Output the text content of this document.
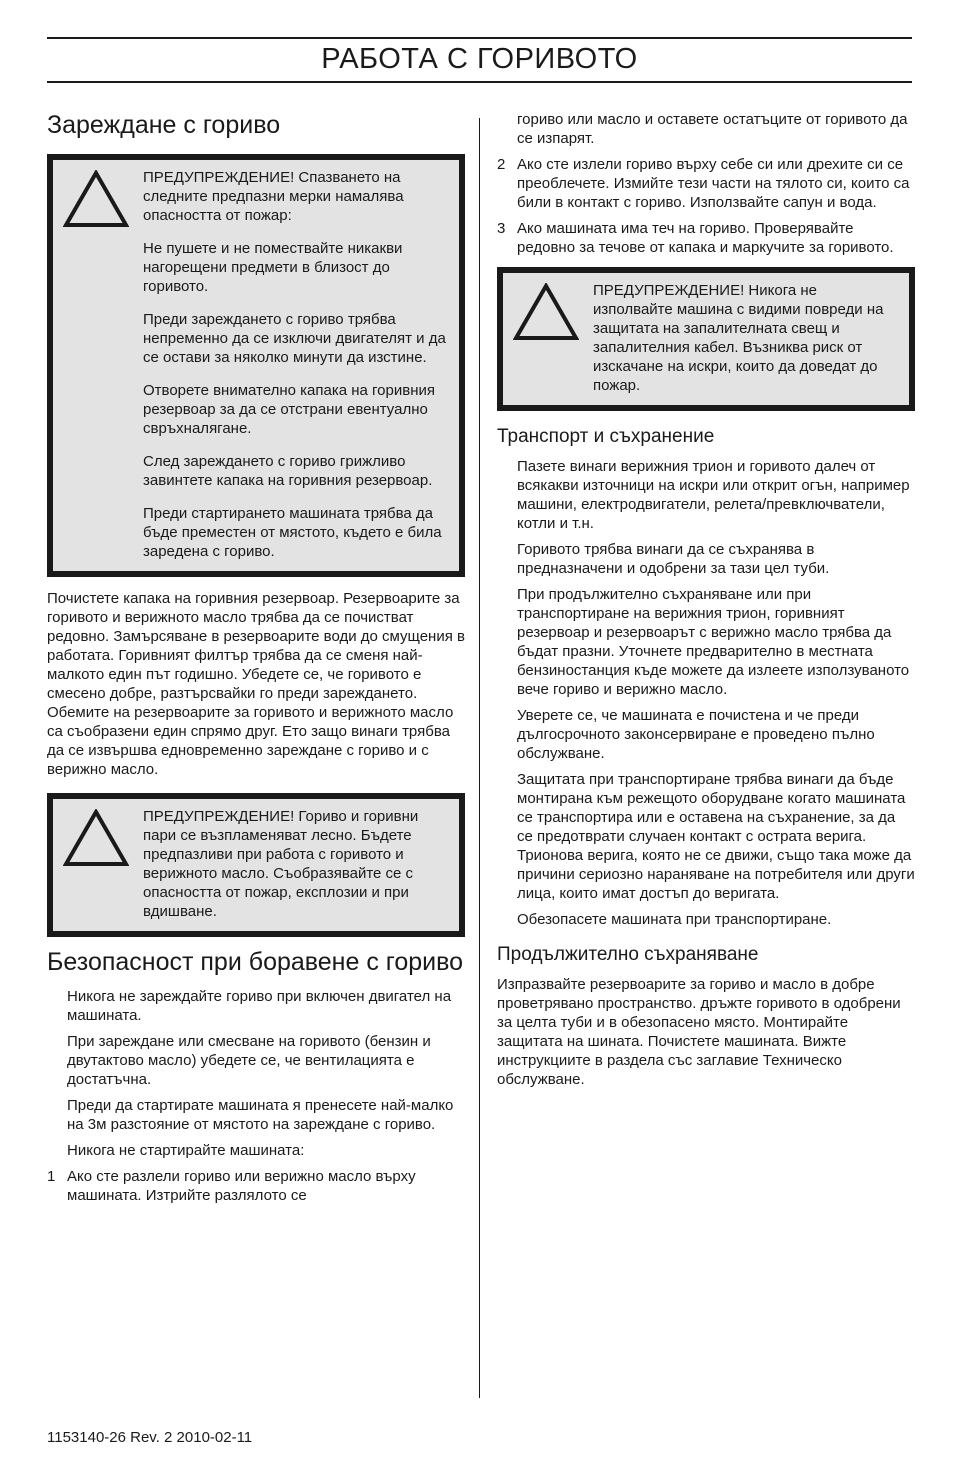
РАБОТА С ГОРИВОТО
Зареждане с гориво

ПРЕДУПРЕЖДЕНИЕ! Спазването на следните предпазни мерки намалява опасността от пожар:

Не пушете и не помествайте никакви нагорещени предмети в близост до горивото.

Преди зареждането с гориво трябва непременно да се изключи двигателят и да се остави за няколко минути да изстине.

Отворете внимателно капака на горивния резервоар за да се отстрани евентуално свръхналягане.

След зареждането с гориво грижливо завинтете капака на горивния резервоар.

Преди стартирането машината трябва да бъде преместен от мястото, където е била заредена с гориво.

Почистете капака на горивния резервоар. Резервоарите за горивото и верижното масло трябва да се почистват редовно. Замърсяване в резервоарите води до смущения в работата. Горивният филтър трябва да се сменя най-малкото един път годишно. Убедете се, че горивото е смесено добре, разтърсвайки го преди зареждането. Обемите на резервоарите за горивото и верижното масло са съобразени един спрямо друг. Ето защо винаги трябва да се извършва едновременно зареждане с гориво и с верижно масло.

ПРЕДУПРЕЖДЕНИЕ! Гориво и горивни пари се възпламеняват лесно. Бъдете предпазливи при работа с горивото и верижното масло. Съобразявайте се с опасността от пожар, експлозии и при вдишване.

Безопасност при боравене с гориво

Никога не зареждайте гориво при включен двигател на машината.

При зареждане или смесване на горивото (бензин и двутактово масло) убедете се, че вентилацията е достатъчна.

Преди да стартирате машината я пренесете най-малко на 3м разстояние от мястото на зареждане с гориво.

Никога не стартирайте машината:

1 Ако сте разлели гориво или верижно масло върху машината. Изтрийте разлялото се

гориво или масло и оставете остатъците от горивото да се изпарят.

2 Ако сте излели гориво върху себе си или дрехите си се преоблечете. Измийте тези части на тялото си, които са били в контакт с гориво. Използвайте сапун и вода.

3 Ако машината има теч на гориво. Проверявайте редовно за течове от капака и маркучите за горивото.

ПРЕДУПРЕЖДЕНИЕ! Никога не изполвайте машина с видими повреди на защитата на запалителната свещ и запалителния кабел. Възниква риск от изскачане на искри, които да доведат до пожар.

Транспорт и съхранение

Пазете винаги верижния трион и горивото далеч от всякакви източници на искри или открит огън, например машини, електродвигатели, релета/превключватели, котли и т.н.

Горивото трябва винаги да се съхранява в предназначени и одобрени за тази цел туби.

При продължително съхраняване или при транспортиране на верижния трион, горивният резервоар и резервоарът с верижно масло трябва да бъдат празни. Уточнете предварително в местната бензиностанция къде можете да излеете използуваното вече гориво и верижно масло.

Уверете се, че машината е почистена и че преди дългосрочното законсервиране е проведено пълно обслужване.

Защитата при транспортиране трябва винаги да бъде монтирана към режещото оборудване когато машината се транспортира или е оставена на съхранение, за да се предотврати случаен контакт с острата верига. Трионова верига, която не се движи, също така може да причини сериозно нараняване на потребителя или други лица, които имат достъп до веригата.

Обезопасете машината при транспортиране.

Продължително съхраняване

Изпразвайте резервоарите за гориво и масло в добре проветрявано пространство. дръжте горивото в одобрени за целта туби и в обезопасено място. Монтирайте защитата на шината. Почистете машината. Вижте инструкциите в раздела със заглавие Техническо обслужване.

1153140-26 Rev. 2 2010-02-11
